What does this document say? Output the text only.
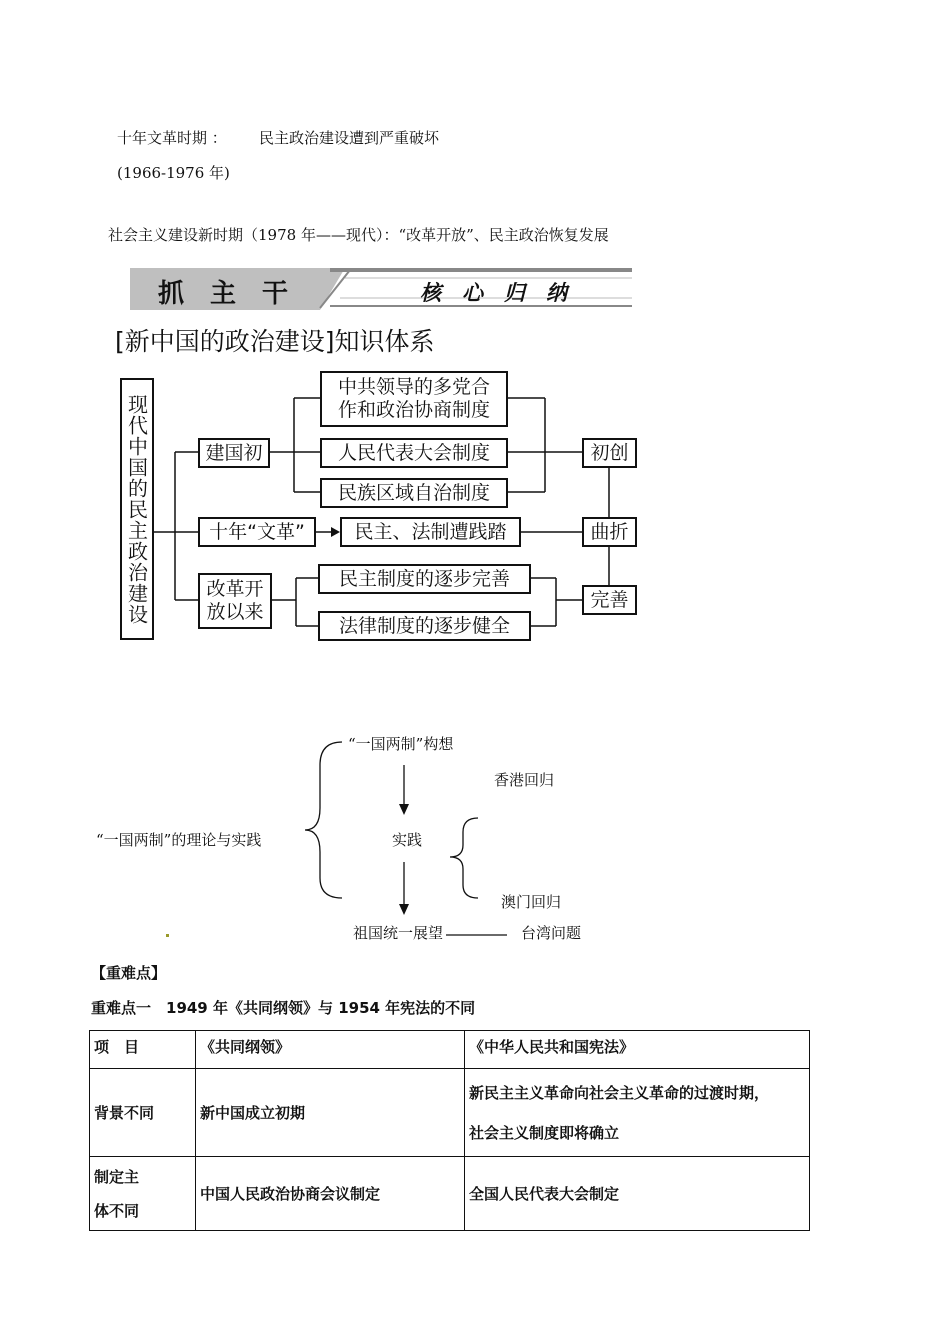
十年文革时期 ： 民主政治建设遭到严重破坏
(1966-1976 年)
社会主义建设新时期（1978 年——现代）：“改革开放”、民主政治恢复发展
抓　主　干	核　心　归　纳
[新中国的政治建设]知识体系
现代中国的民主政治建设	建国初
中共领导的多党合
作和政治协商制度
人民代表大会制度
民族区域自治制度
十年“文革”	民主、法制遭践踏
改革开
放以来
民主制度的逐步完善
法律制度的逐步健全
初创
曲折
完善
“一国两制”构想
香港回归
“一国两制”的理论与实践	实践
澳门回归
祖国统一展望	台湾问题
【重难点】
重难点一　1949 年《共同纲领》与 1954 年宪法的不同
项　目	《共同纲领》	《中华人民共和国宪法》
背景不同	新中国成立初期	新民主主义革命向社会主义革命的过渡时期，
社会主义制度即将确立

制定主
体不同	中国人民政治协商会议制定	全国人民代表大会制定
